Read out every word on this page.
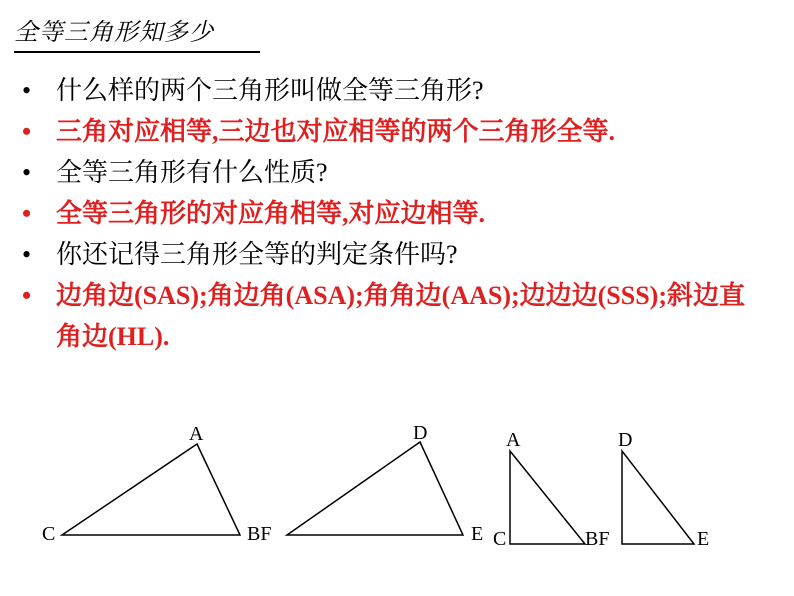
全等三角形知多少
• 什么样的两个三角形叫做全等三角形?
• 三角对应相等,三边也对应相等的两个三角形全等.
• 全等三角形有什么性质?
• 全等三角形的对应角相等,对应边相等.
• 你还记得三角形全等的判定条件吗?
• 边角边(SAS);角边角(ASA);角角边(AAS);边边边(SSS);斜边直角边(HL).
A
BF
C
D
E
A
C	BF
D
E
